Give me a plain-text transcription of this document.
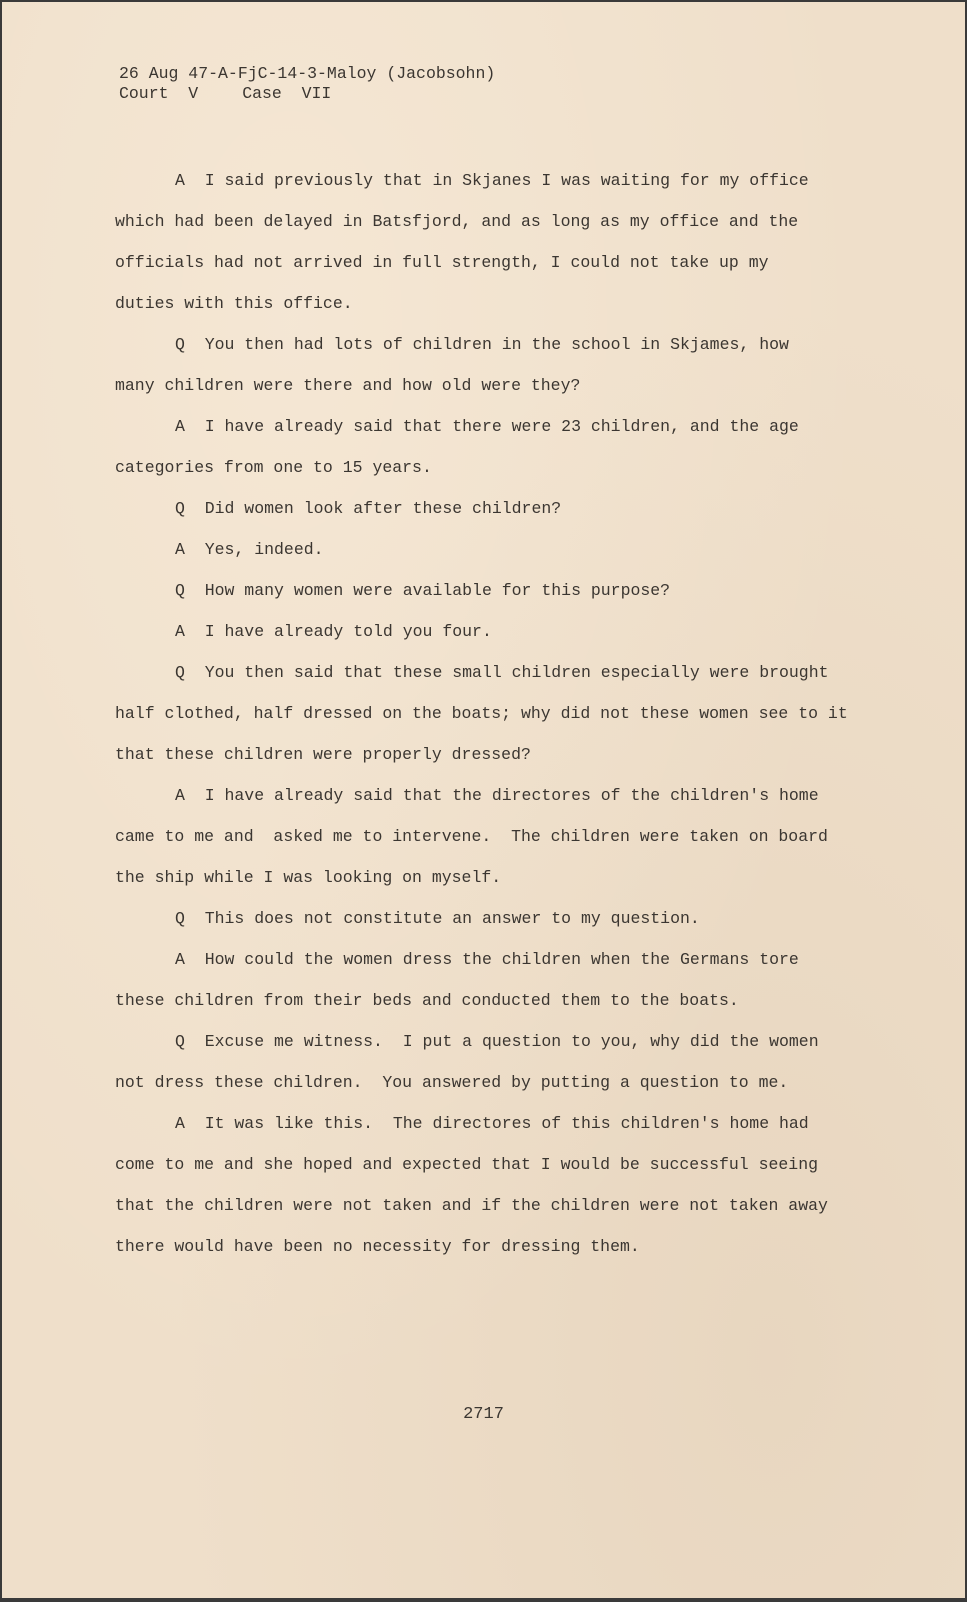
26 Aug 47-A-FjC-14-3-Maloy (Jacobsohn)
Court  V	Case  VII
A  I said previously that in Skjanes I was waiting for my office
which had been delayed in Batsfjord, and as long as my office and the
officials had not arrived in full strength, I could not take up my
duties with this office.
Q  You then had lots of children in the school in Skjames, how
many children were there and how old were they?
A  I have already said that there were 23 children, and the age
categories from one to 15 years.
Q  Did women look after these children?
A  Yes, indeed.
Q  How many women were available for this purpose?
A  I have already told you four.
Q  You then said that these small children especially were brought
half clothed, half dressed on the boats; why did not these women see to it
that these children were properly dressed?
A  I have already said that the directores of the children's home
came to me and  asked me to intervene.  The children were taken on board
the ship while I was looking on myself.
Q  This does not constitute an answer to my question.
A  How could the women dress the children when the Germans tore
these children from their beds and conducted them to the boats.
Q  Excuse me witness.  I put a question to you, why did the women
not dress these children.  You answered by putting a question to me.
A  It was like this.  The directores of this children's home had
come to me and she hoped and expected that I would be successful seeing
that the children were not taken and if the children were not taken away
there would have been no necessity for dressing them.
2717
